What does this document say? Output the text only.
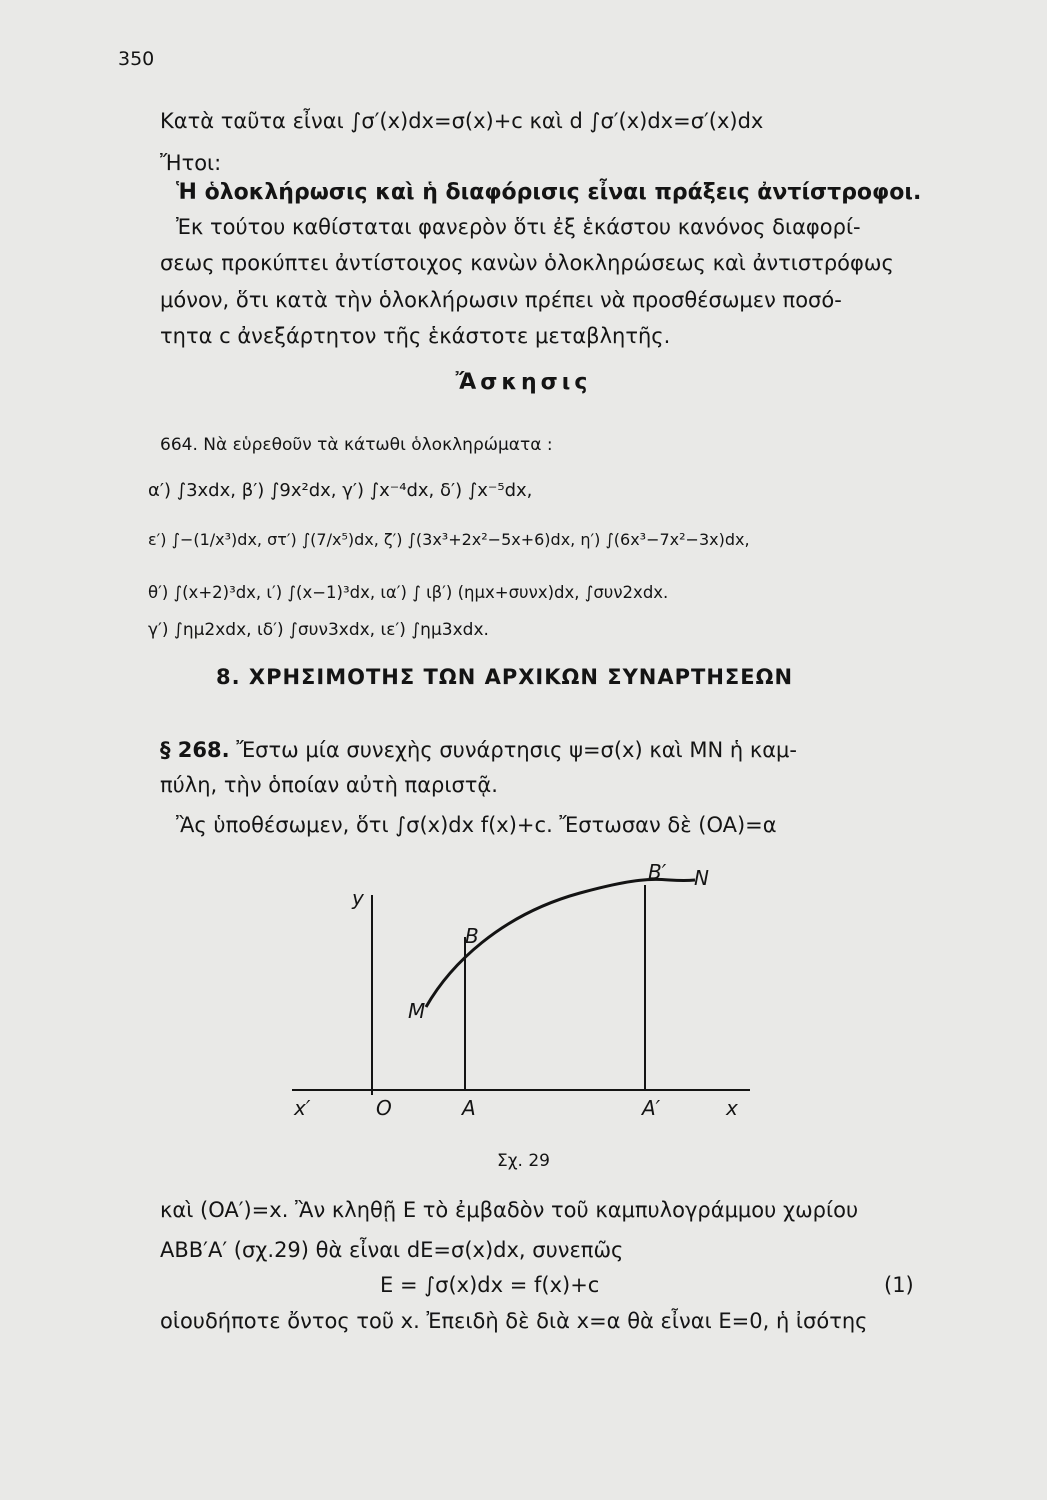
350
Κατὰ ταῦτα εἶναι ∫σ′(x)dx=σ(x)+c καὶ d ∫σ′(x)dx=σ′(x)dx
Ἤτοι:
Ἡ ὁλοκλήρωσις καὶ ἡ διαφόρισις εἶναι πράξεις ἀντίστροφοι.
Ἐκ τούτου καθίσταται φανερὸν ὅτι ἐξ ἑκάστου κανόνος διαφορί-
σεως προκύπτει ἀντίστοιχος κανὼν ὁλοκληρώσεως καὶ ἀντιστρόφως
μόνον, ὅτι κατὰ τὴν ὁλοκλήρωσιν πρέπει νὰ προσθέσωμεν ποσό-
τητα c ἀνεξάρτητον τῆς ἑκάστοτε μεταβλητῆς.
Ἄσκησις
664. Νὰ εὑρεθοῦν τὰ κάτωθι ὁλοκληρώματα :
α′) ∫3xdx, β′) ∫9x²dx, γ′) ∫x⁻⁴dx, δ′) ∫x⁻⁵dx,
ε′) ∫−(1/x³)dx, στ′) ∫(7/x⁵)dx, ζ′) ∫(3x³+2x²−5x+6)dx, η′) ∫(6x³−7x²−3x)dx,
θ′) ∫(x+2)³dx, ι′) ∫(x−1)³dx, ια′) ∫ ιβ′) (ημx+συνx)dx, ∫συν2xdx.
γ′) ∫ημ2xdx, ιδ′) ∫συν3xdx, ιε′) ∫ημ3xdx.
8. ΧΡΗΣΙΜΟΤΗΣ ΤΩΝ ΑΡΧΙΚΩΝ ΣΥΝΑΡΤΗΣΕΩΝ
§ 268. Ἔστω μία συνεχὴς συνάρτησις ψ=σ(x) καὶ ΜΝ ἡ καμ-
πύλη, τὴν ὁποίαν αὐτὴ παριστᾷ.
Ἂς ὑποθέσωμεν, ὅτι ∫σ(x)dx f(x)+c. Ἔστωσαν δὲ (OA)=α
y
B′ N
B
M
x′	O	A	A′	x
Σχ. 29
καὶ (OA′)=x. Ἂν κληθῇ E τὸ ἐμβαδὸν τοῦ καμπυλογράμμου χωρίου
ABB′A′ (σχ.29) θὰ εἶναι dE=σ(x)dx, συνεπῶς
E = ∫σ(x)dx = f(x)+c	(1)
οἱουδήποτε ὄντος τοῦ x. Ἐπειδὴ δὲ διὰ x=α θὰ εἶναι E=0, ἡ ἰσότης
